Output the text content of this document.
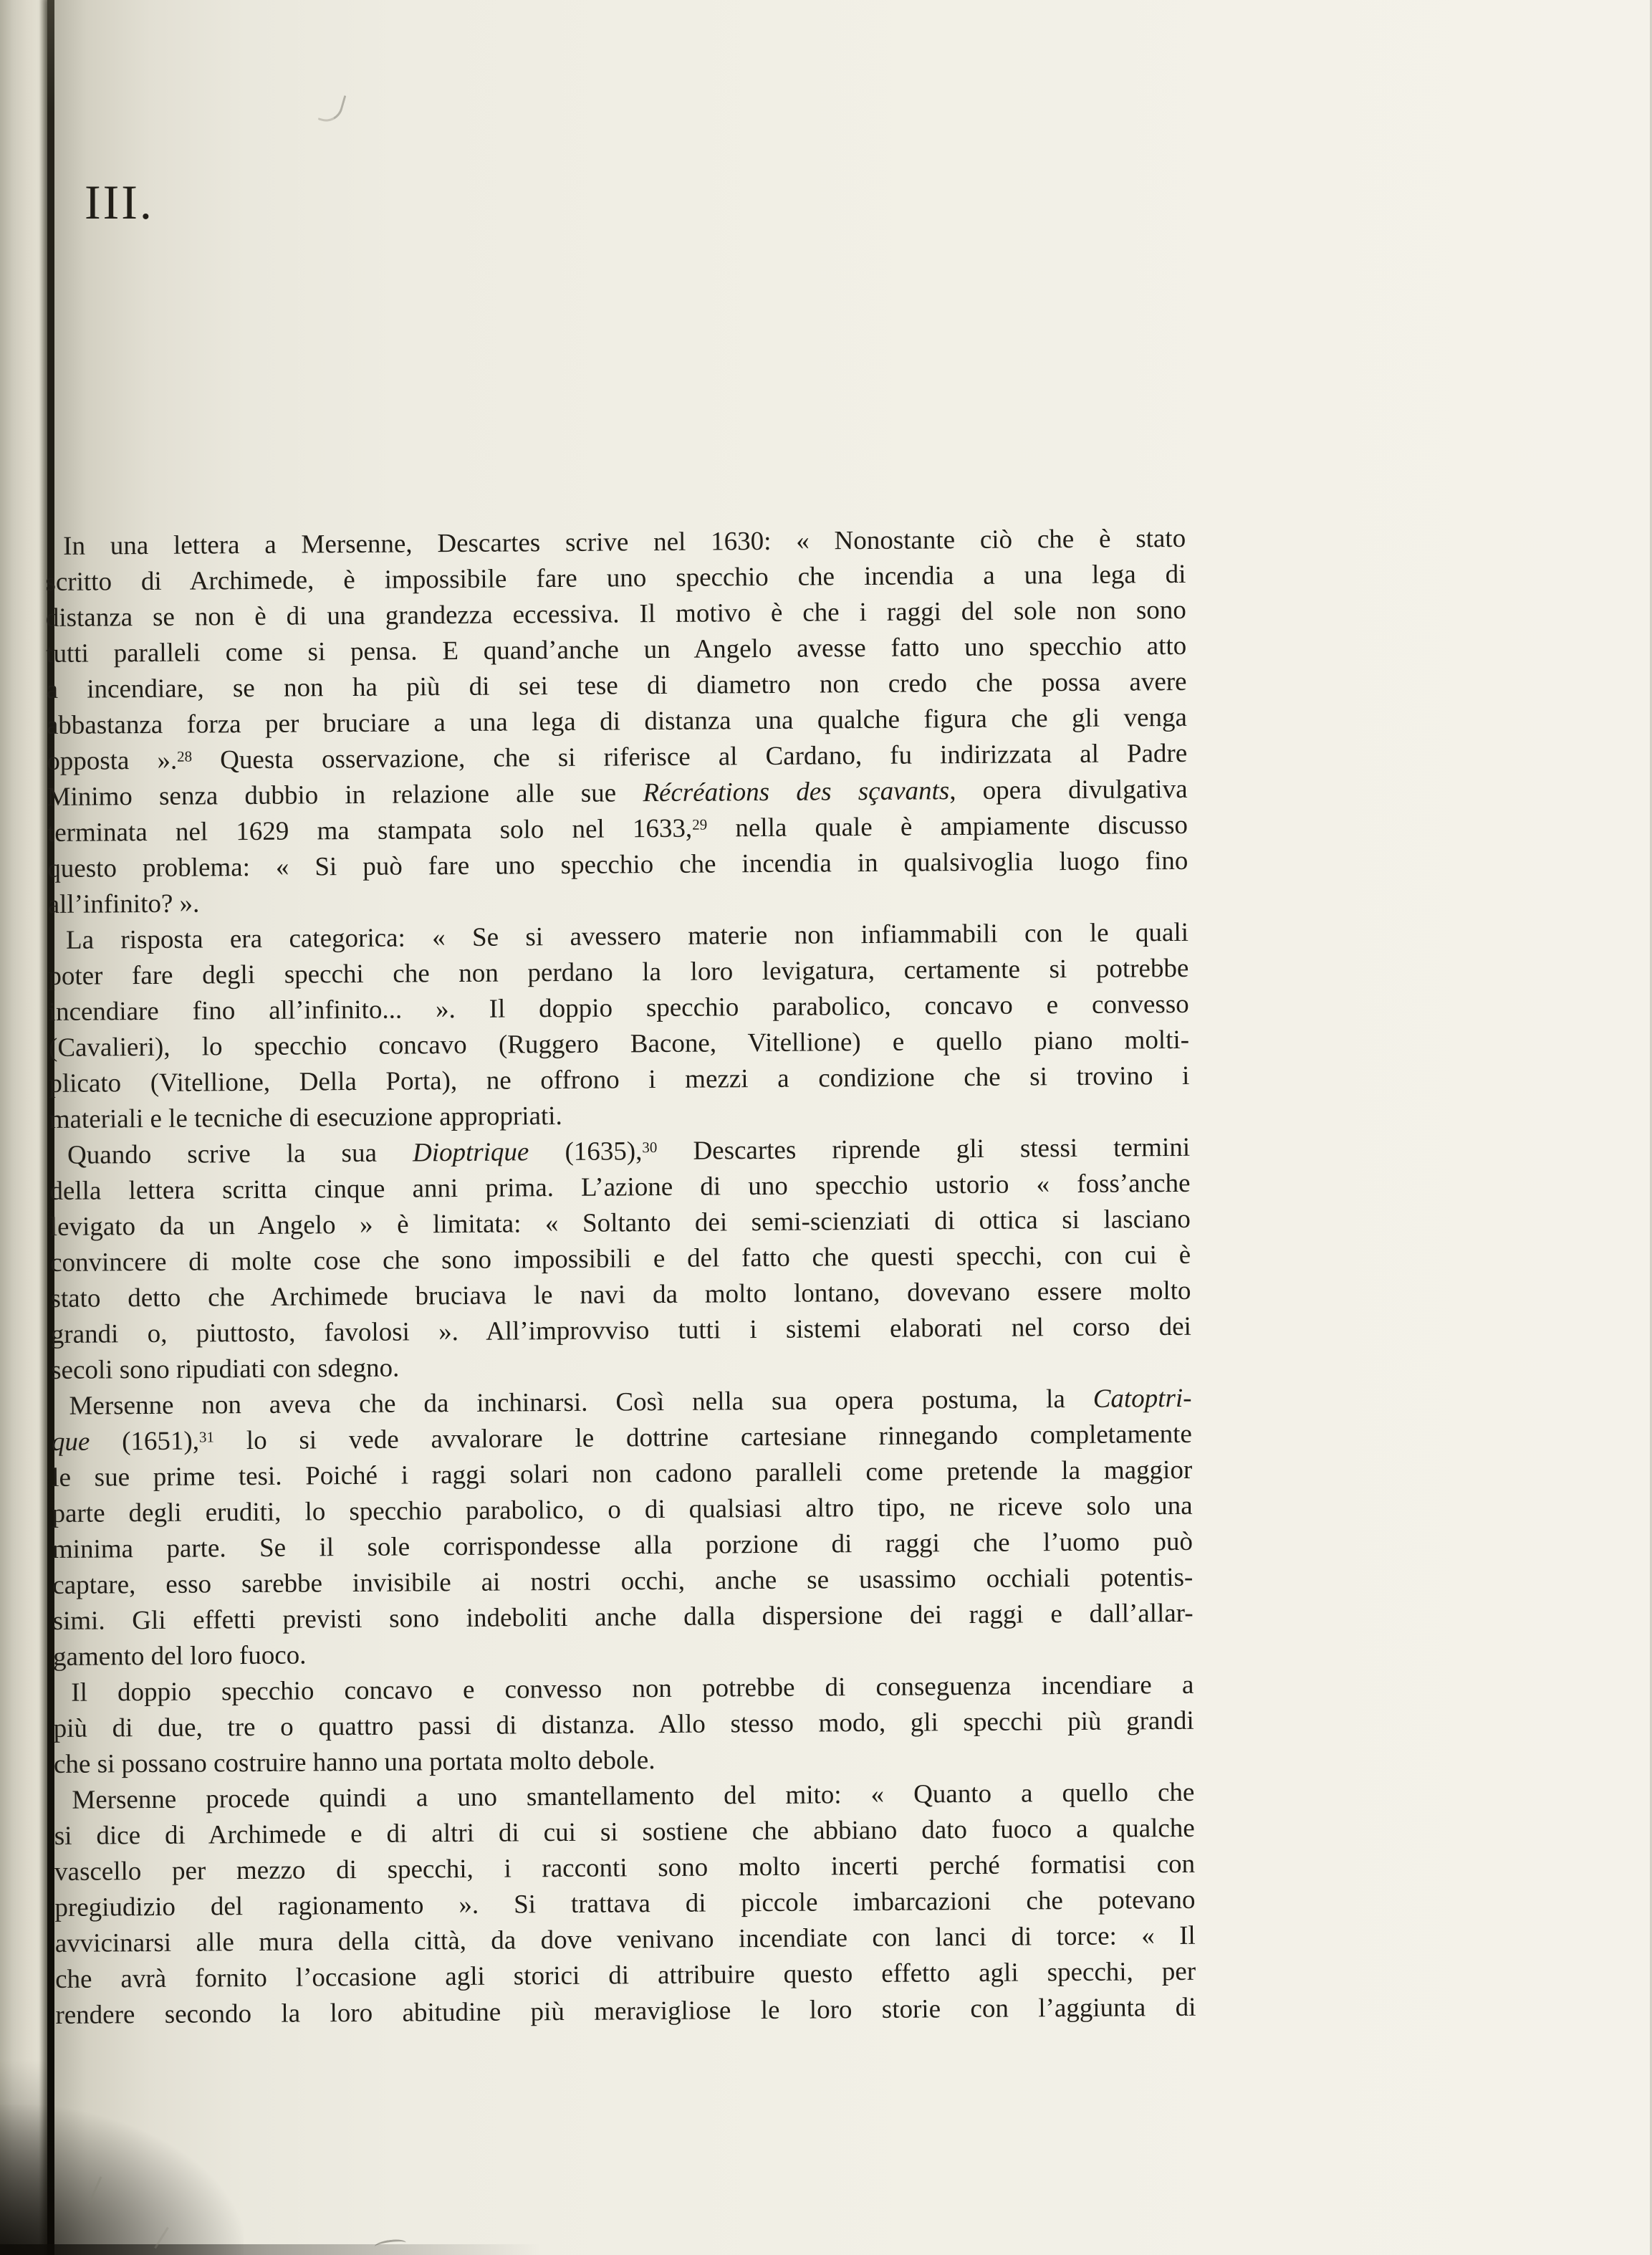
III.
In una lettera a Mersenne, Descartes scrive nel 1630: « Nonostante ciò che è stato
scritto di Archimede, è impossibile fare uno specchio che incendia a una lega di
distanza se non è di una grandezza eccessiva. Il motivo è che i raggi del sole non sono
tutti paralleli come si pensa. E quand’anche un Angelo avesse fatto uno specchio atto
a incendiare, se non ha più di sei tese di diametro non credo che possa avere
abbastanza forza per bruciare a una lega di distanza una qualche figura che gli venga
opposta ».$^{28}$ Questa osservazione, che si riferisce al Cardano, fu indirizzata al Padre
Minimo senza dubbio in relazione alle sue Récréations des sçavants, opera divulgativa
terminata nel 1629 ma stampata solo nel 1633,29 nella quale è ampiamente discusso
questo problema: « Si può fare uno specchio che incendia in qualsivoglia luogo fino
all’infinito? ».
La risposta era categorica: « Se si avessero materie non infiammabili con le quali
poter fare degli specchi che non perdano la loro levigatura, certamente si potrebbe
incendiare fino all’infinito... ». Il doppio specchio parabolico, concavo e convesso
(Cavalieri), lo specchio concavo (Ruggero Bacone, Vitellione) e quello piano molti-
plicato (Vitellione, Della Porta), ne offrono i mezzi a condizione che si trovino i
materiali e le tecniche di esecuzione appropriati.
Quando scrive la sua Dioptrique (1635),$^{30}$ Descartes riprende gli stessi termini
della lettera scritta cinque anni prima. L’azione di uno specchio ustorio « foss’anche
levigato da un Angelo » è limitata: « Soltanto dei semi-scienziati di ottica si lasciano
convincere di molte cose che sono impossibili e del fatto che questi specchi, con cui è
stato detto che Archimede bruciava le navi da molto lontano, dovevano essere molto
grandi o, piuttosto, favolosi ». All’improvviso tutti i sistemi elaborati nel corso dei
secoli sono ripudiati con sdegno.
Mersenne non aveva che da inchinarsi. Così nella sua opera postuma, la Catoptri-
que (1651),$^{31}$ lo si vede avvalorare le dottrine cartesiane rinnegando completamente
le sue prime tesi. Poiché i raggi solari non cadono paralleli come pretende la maggior
parte degli eruditi, lo specchio parabolico, o di qualsiasi altro tipo, ne riceve solo una
minima parte. Se il sole corrispondesse alla porzione di raggi che l’uomo può
captare, esso sarebbe invisibile ai nostri occhi, anche se usassimo occhiali potentis-
simi. Gli effetti previsti sono indeboliti anche dalla dispersione dei raggi e dall’allar-
gamento del loro fuoco.
Il doppio specchio concavo e convesso non potrebbe di conseguenza incendiare a
più di due, tre o quattro passi di distanza. Allo stesso modo, gli specchi più grandi
che si possano costruire hanno una portata molto debole.
Mersenne procede quindi a uno smantellamento del mito: « Quanto a quello che
si dice di Archimede e di altri di cui si sostiene che abbiano dato fuoco a qualche
vascello per mezzo di specchi, i racconti sono molto incerti perché formatisi con
pregiudizio del ragionamento ». Si trattava di piccole imbarcazioni che potevano
avvicinarsi alle mura della città, da dove venivano incendiate con lanci di torce: « Il
che avrà fornito l’occasione agli storici di attribuire questo effetto agli specchi, per
rendere secondo la loro abitudine più meravigliose le loro storie con l’aggiunta di
